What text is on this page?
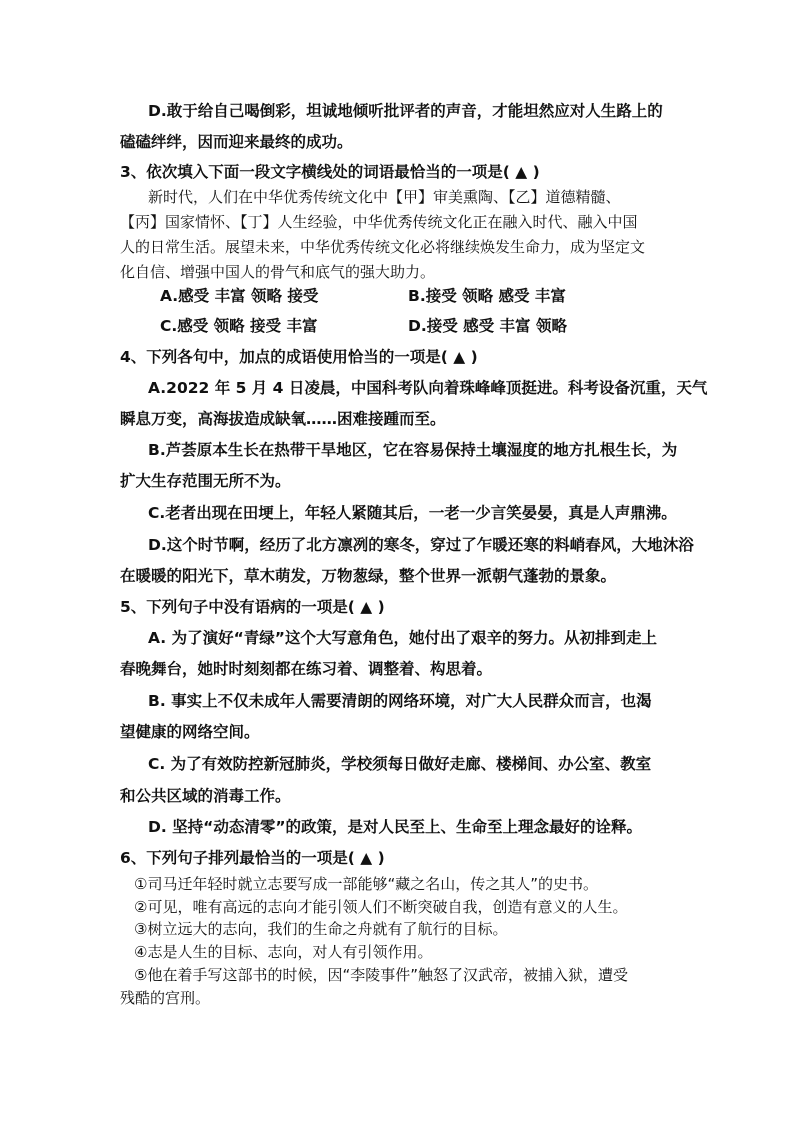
D.敢于给自己喝倒彩，坦诚地倾听批评者的声音，才能坦然应对人生路上的
磕磕绊绊，因而迎来最终的成功。
3、依次填入下面一段文字横线处的词语最恰当的一项是( ▲ )
新时代，人们在中华优秀传统文化中【甲】审美熏陶、【乙】道德精髓、
【丙】国家情怀、【丁】人生经验，中华优秀传统文化正在融入时代、融入中国
人的日常生活。展望未来，中华优秀传统文化必将继续焕发生命力，成为坚定文
化自信、增强中国人的骨气和底气的强大助力。
A.感受 丰富 领略 接受	B.接受 领略 感受 丰富
C.感受 领略 接受 丰富	D.接受 感受 丰富 领略
4、下列各句中，加点的成语使用恰当的一项是( ▲ )
A.2022 年 5 月 4 日凌晨，中国科考队向着珠峰峰顶挺进。科考设备沉重，天气
瞬息万变，高海拔造成缺氧……困难接踵而至。
B.芦荟原本生长在热带干旱地区，它在容易保持土壤湿度的地方扎根生长，为
扩大生存范围无所不为。
C.老者出现在田埂上，年轻人紧随其后，一老一少言笑晏晏，真是人声鼎沸。
D.这个时节啊，经历了北方凛冽的寒冬，穿过了乍暖还寒的料峭春风，大地沐浴
在暖暖的阳光下，草木萌发，万物葱绿，整个世界一派朝气蓬勃的景象。
5、下列句子中没有语病的一项是( ▲ )
A. 为了演好“青绿”这个大写意角色，她付出了艰辛的努力。从初排到走上
春晚舞台，她时时刻刻都在练习着、调整着、构思着。
B. 事实上不仅未成年人需要清朗的网络环境，对广大人民群众而言，也渴
望健康的网络空间。
C. 为了有效防控新冠肺炎，学校须每日做好走廊、楼梯间、办公室、教室
和公共区域的消毒工作。
D. 坚持“动态清零”的政策，是对人民至上、生命至上理念最好的诠释。
6、下列句子排列最恰当的一项是( ▲ )
①司马迁年轻时就立志要写成一部能够“藏之名山，传之其人”的史书。
②可见，唯有高远的志向才能引领人们不断突破自我，创造有意义的人生。
③树立远大的志向，我们的生命之舟就有了航行的目标。
④志是人生的目标、志向，对人有引领作用。
⑤他在着手写这部书的时候，因“李陵事件”触怒了汉武帝，被捕入狱，遭受
残酷的宫刑。
